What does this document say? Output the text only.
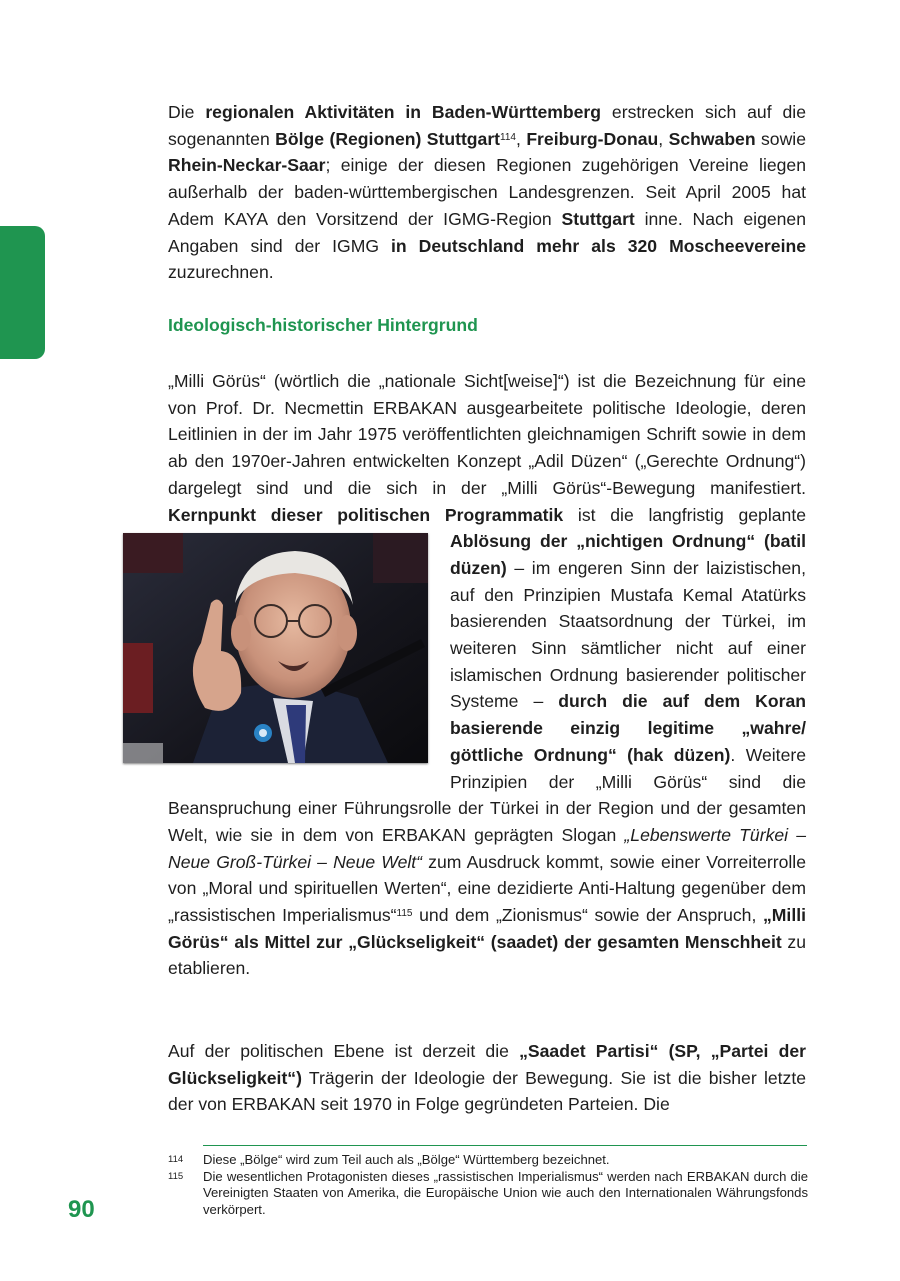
Die regionalen Aktivitäten in Baden-Württemberg erstrecken sich auf die sogenannten Bölge (Regionen) Stuttgart$^{114}$, Freiburg-Donau, Schwaben sowie Rhein-Neckar-Saar; einige der diesen Regionen zugehörigen Vereine liegen außerhalb der baden-württembergischen Landesgrenzen. Seit April 2005 hat Adem KAYA den Vorsitzend der IGMG-Region Stuttgart inne. Nach eigenen Angaben sind der IGMG in Deutschland mehr als 320 Moscheevereine zuzurechnen.

Ideologisch-historischer Hintergrund

„Milli Görüs“ (wörtlich die „nationale Sicht[weise]“) ist die Bezeichnung für eine von Prof. Dr. Necmettin ERBAKAN ausgearbeitete politische Ideologie, deren Leitlinien in der im Jahr 1975 veröffentlichten gleichnamigen Schrift sowie in dem ab den 1970er-Jahren entwickelten Konzept „Adil Düzen“ („Gerechte Ordnung“) dargelegt sind und die sich in der „Milli Görüs“-Bewegung manifestiert. Kernpunkt dieser politischen Programmatik ist die langfristig geplante
Ablösung der „nichtigen Ordnung“ (batil düzen) – im engeren Sinn der laizistischen, auf den Prinzipien Mustafa Kemal Atatürks basierenden Staatsordnung der Türkei, im weiteren Sinn sämtlicher nicht auf einer islamischen Ordnung basierender politischer Systeme – durch die auf dem Koran basierende einzig legitime „wahre/ göttliche Ordnung“ (hak düzen). Weitere Prinzipien der „Milli Görüs“ sind die Beanspruchung einer Führungsrolle der Türkei in der Region und der gesamten Welt, wie sie in dem von ERBAKAN geprägten Slogan „Lebenswerte Türkei – Neue Groß-Türkei – Neue Welt“ zum Ausdruck kommt, sowie einer Vorreiterrolle von „Moral und spirituellen Werten“, eine dezidierte Anti-Haltung gegenüber dem „rassistischen Imperialismus“$^{115}$ und dem „Zionismus“ sowie der Anspruch, „Milli Görüs“ als Mittel zur „Glückseligkeit“ (saadet) der gesamten Menschheit zu etablieren.

Auf der politischen Ebene ist derzeit die „Saadet Partisi“ (SP, „Partei der Glückseligkeit“) Trägerin der Ideologie der Bewegung. Sie ist die bisher letzte der von ERBAKAN seit 1970 in Folge gegründeten Parteien. Die

114 Diese „Bölge“ wird zum Teil auch als „Bölge“ Württemberg bezeichnet.
115 Die wesentlichen Protagonisten dieses „rassistischen Imperialismus“ werden nach ERBAKAN durch die Vereinigten Staaten von Amerika, die Europäische Union wie auch den Internationalen Währungsfonds verkörpert.
90
